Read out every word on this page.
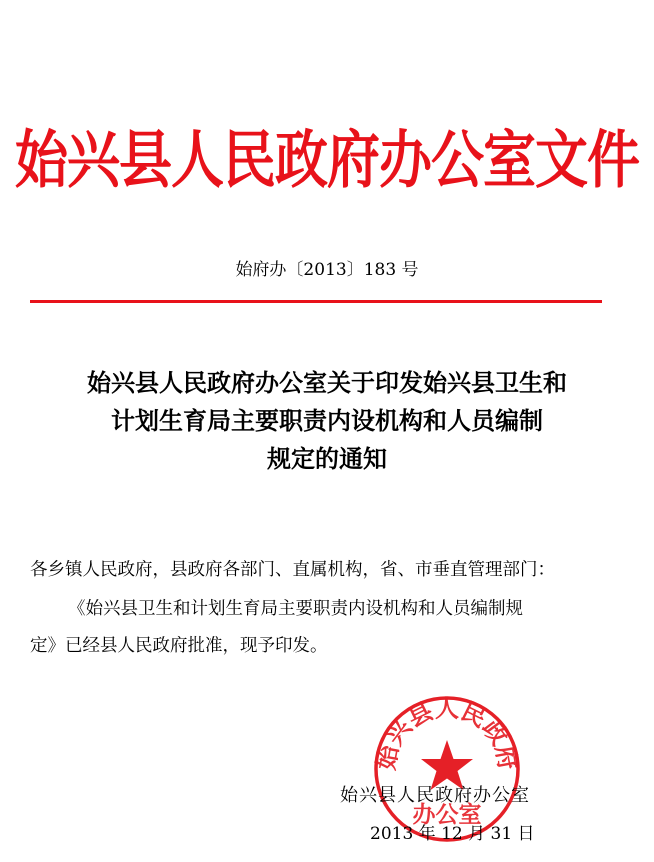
始兴县人民政府办公室文件
始府办〔2013〕183 号
始兴县人民政府办公室关于印发始兴县卫生和
计划生育局主要职责内设机构和人员编制
规定的通知
各乡镇人民政府，县政府各部门、直属机构，省、市垂直管理部门：
《始兴县卫生和计划生育局主要职责内设机构和人员编制规
定》已经县人民政府批准，现予印发。
始兴县人民政府
办公室
始兴县人民政府办公室
2013 年 12 月 31 日
